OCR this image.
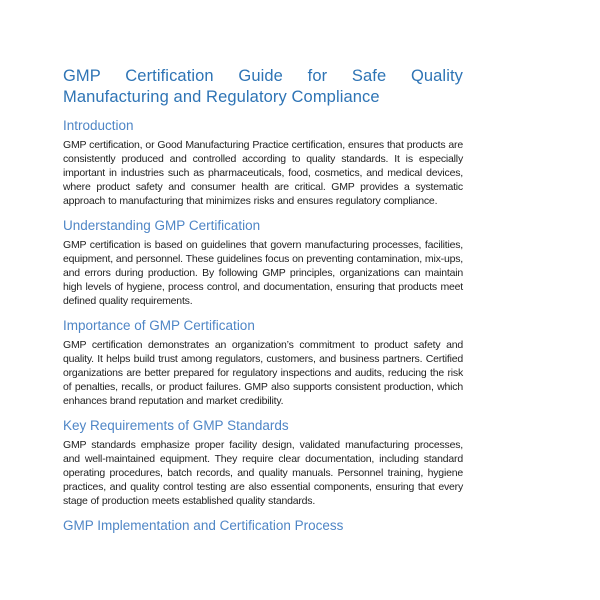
GMP Certification Guide for Safe Quality Manufacturing and Regulatory Compliance
Introduction

GMP certification, or Good Manufacturing Practice certification, ensures that products are consistently produced and controlled according to quality standards. It is especially important in industries such as pharmaceuticals, food, cosmetics, and medical devices, where product safety and consumer health are critical. GMP provides a systematic approach to manufacturing that minimizes risks and ensures regulatory compliance.

Understanding GMP Certification

GMP certification is based on guidelines that govern manufacturing processes, facilities, equipment, and personnel. These guidelines focus on preventing contamination, mix-ups, and errors during production. By following GMP principles, organizations can maintain high levels of hygiene, process control, and documentation, ensuring that products meet defined quality requirements.

Importance of GMP Certification

GMP certification demonstrates an organization’s commitment to product safety and quality. It helps build trust among regulators, customers, and business partners. Certified organizations are better prepared for regulatory inspections and audits, reducing the risk of penalties, recalls, or product failures. GMP also supports consistent production, which enhances brand reputation and market credibility.

Key Requirements of GMP Standards

GMP standards emphasize proper facility design, validated manufacturing processes, and well-maintained equipment. They require clear documentation, including standard operating procedures, batch records, and quality manuals. Personnel training, hygiene practices, and quality control testing are also essential components, ensuring that every stage of production meets established quality standards.

GMP Implementation and Certification Process
